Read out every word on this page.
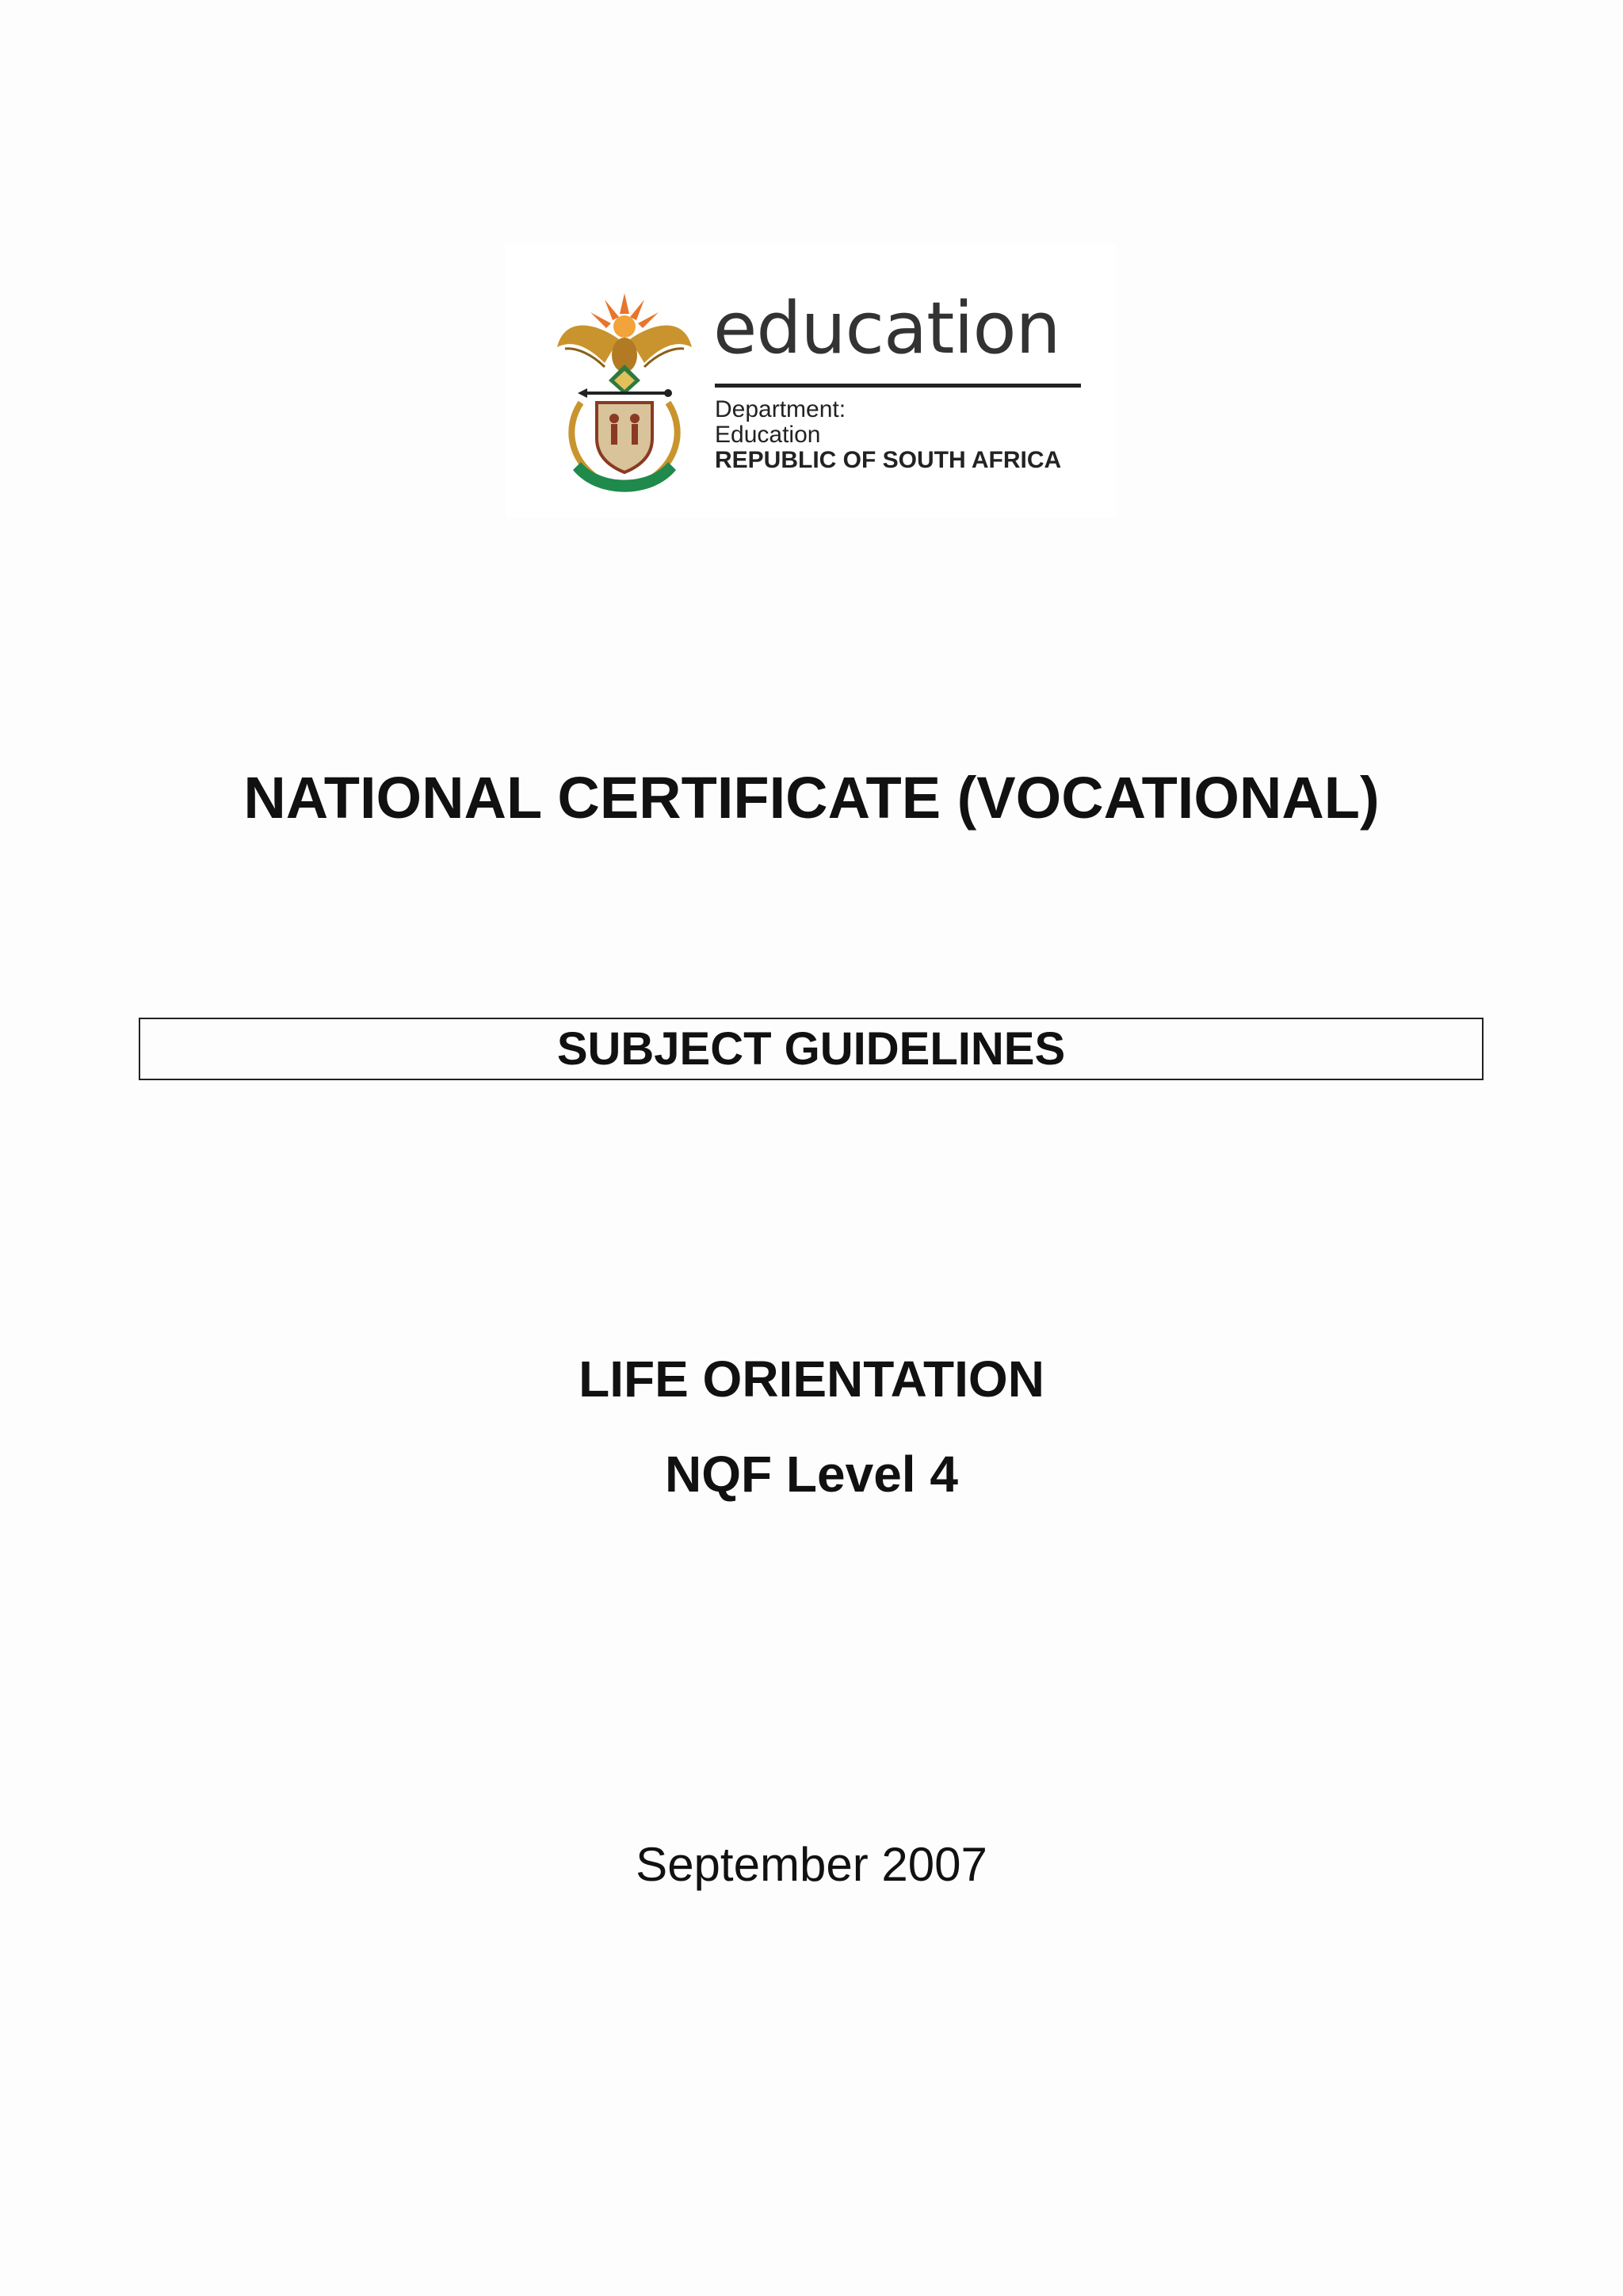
education
Department:
Education
REPUBLIC OF SOUTH AFRICA
NATIONAL CERTIFICATE (VOCATIONAL)
SUBJECT GUIDELINES
LIFE ORIENTATION
NQF Level 4
September 2007
